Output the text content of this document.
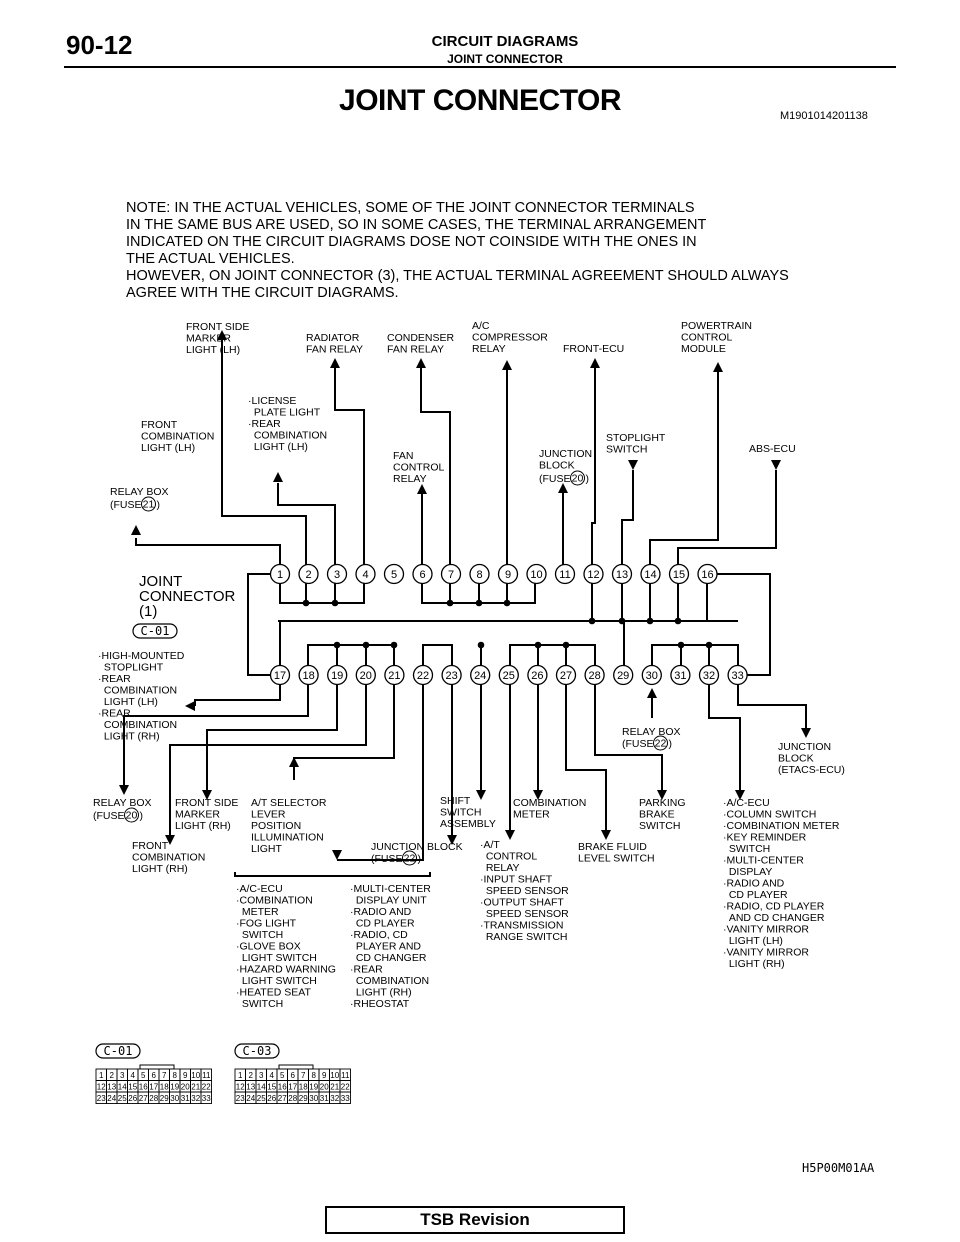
90-12	CIRCUIT DIAGRAMS
JOINT CONNECTOR
JOINT CONNECTOR	M1901014201138
NOTE: IN THE ACTUAL VEHICLES, SOME OF THE JOINT CONNECTOR TERMINALS
IN THE SAME BUS ARE USED, SO IN SOME CASES, THE TERMINAL ARRANGEMENT
INDICATED ON THE CIRCUIT DIAGRAMS DOSE NOT COINSIDE WITH THE ONES IN
THE ACTUAL VEHICLES.
HOWEVER, ON JOINT CONNECTOR (3), THE ACTUAL TERMINAL AGREEMENT SHOULD ALWAYS
AGREE WITH THE CIRCUIT DIAGRAMS.
1 2 3 4 5 6 7 8 9 10 11 12 13 14 15 16
17 18 19 20 21 22 23 24 25 26 27 28 29 30 31 32 33
FRONT SIDE MARKER LIGHT (LH)
RADIATOR FAN RELAY
CONDENSER FAN RELAY
A/C COMPRESSOR RELAY	FRONT-ECU
POWERTRAIN CONTROL MODULE
·LICENSE  PLATE LIGHT ·REAR  COMBINATION  LIGHT (LH)
FRONT COMBINATION LIGHT (LH)
FAN CONTROL RELAY
JUNCTION BLOCK
(FUSE 20 )
STOPLIGHT SWITCH	ABS-ECU
RELAY BOX
(FUSE 21 )
JOINT CONNECTOR (1)
C-01
·HIGH-MOUNTED  STOPLIGHT ·REAR  COMBINATION  LIGHT (LH) ·REAR  COMBINATION  LIGHT (RH)
RELAY BOX
(FUSE 20 )
FRONT COMBINATION LIGHT (RH)
FRONT SIDE MARKER LIGHT (RH)
A/T SELECTOR LEVER POSITION ILLUMINATION LIGHT	JUNCTION BLOCK
(FUSE 22 )
SHIFT SWITCH ASSEMBLY
·A/T  CONTROL  RELAY ·INPUT SHAFT  SPEED SENSOR ·OUTPUT SHAFT  SPEED SENSOR ·TRANSMISSION  RANGE SWITCH
COMBINATION METER
BRAKE FLUID LEVEL SWITCH
PARKING BRAKE SWITCH
RELAY BOX
(FUSE 22 )	JUNCTION BLOCK (ETACS-ECU)
·A/C-ECU ·COLUMN SWITCH ·COMBINATION METER ·KEY REMINDER  SWITCH ·MULTI-CENTER  DISPLAY ·RADIO AND  CD PLAYER ·RADIO, CD PLAYER  AND CD CHANGER ·VANITY MIRROR  LIGHT (LH) ·VANITY MIRROR  LIGHT (RH)
·A/C-ECU ·COMBINATION  METER ·FOG LIGHT  SWITCH ·GLOVE BOX  LIGHT SWITCH ·HAZARD WARNING  LIGHT SWITCH ·HEATED SEAT  SWITCH
·MULTI-CENTER  DISPLAY UNIT ·RADIO AND  CD PLAYER ·RADIO, CD  PLAYER AND  CD CHANGER ·REAR  COMBINATION  LIGHT (RH) ·RHEOSTAT
C-01
1 2 3 4 5 6 7 8 9 10 11
12 13 14 15 16 17 18 19 20 21 22
23 24 25 26 27 28 29 30 31 32 33
C-03
1 2 3 4 5 6 7 8 9 10 11
12 13 14 15 16 17 18 19 20 21 22
23 24 25 26 27 28 29 30 31 32 33
H5P00M01AA
TSB Revision
